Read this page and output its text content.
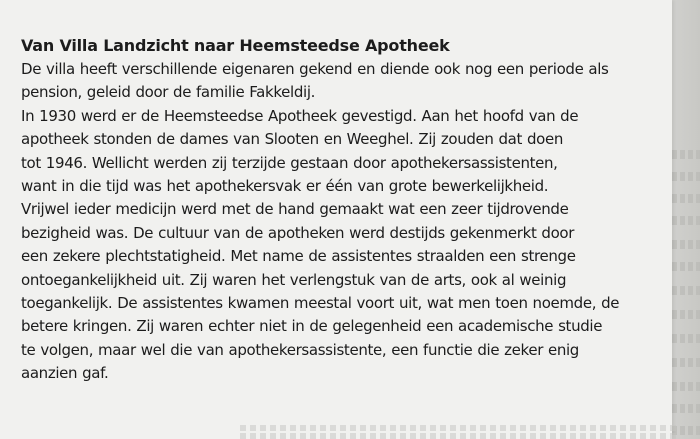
Van Villa Landzicht naar Heemsteedse Apotheek
De villa heeft verschillende eigenaren gekend en diende ook nog een periode als
pension, geleid door de familie Fakkeldij.
In 1930 werd er de Heemsteedse Apotheek gevestigd. Aan het hoofd van de
apotheek stonden de dames van Slooten en Weeghel. Zij zouden dat doen
tot 1946. Wellicht werden zij terzijde gestaan door apothekersassistenten,
want in die tijd was het apothekersvak er één van grote bewerkelijkheid.
Vrijwel ieder medicijn werd met de hand gemaakt wat een zeer tijdrovende
bezigheid was. De cultuur van de apotheken werd destijds gekenmerkt door
een zekere plechtstatigheid. Met name de assistentes straalden een strenge
ontoegankelijkheid uit. Zij waren het verlengstuk van de arts, ook al weinig
toegankelijk. De assistentes kwamen meestal voort uit, wat men toen noemde, de
betere kringen. Zij waren echter niet in de gelegenheid een academische studie
te volgen, maar wel die van apothekersassistente, een functie die zeker enig
aanzien gaf.
